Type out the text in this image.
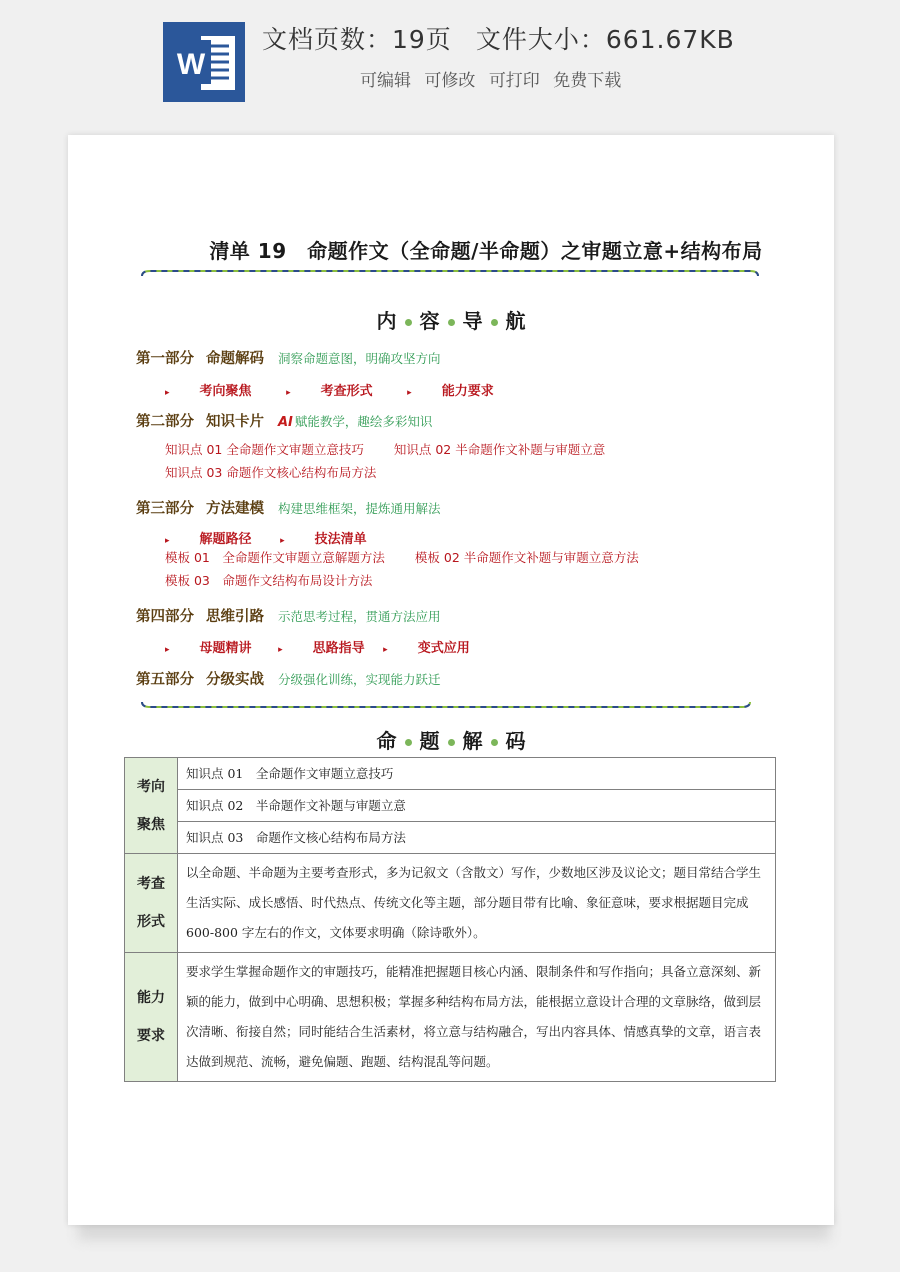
W
文档页数：19页 文件大小：661.67KB
可编辑 可修改 可打印 免费下载
清单 19　命题作文（全命题/半命题）之审题立意+结构布局
内 容 导 航
第一部分 命题解码 洞察命题意图，明确攻坚方向
▸ 考向聚焦	▸ 考查形式	▸ 能力要求
第二部分 知识卡片 AI 赋能教学，趣绘多彩知识
知识点 01 全命题作文审题立意技巧 知识点 02 半命题作文补题与审题立意
知识点 03 命题作文核心结构布局方法
第三部分 方法建模 构建思维框架，提炼通用解法
▸ 解题路径	▸ 技法清单
模板 01　全命题作文审题立意解题方法 模板 02 半命题作文补题与审题立意方法
模板 03　命题作文结构布局设计方法
第四部分 思维引路 示范思考过程，贯通方法应用
▸ 母题精讲	▸ 思路指导 ▸ 变式应用
第五部分 分级实战 分级强化训练，实现能力跃迁
命 题 解 码
考向
聚焦	知识点 01　全命题作文审题立意技巧
	知识点 02　半命题作文补题与审题立意
	知识点 03　命题作文核心结构布局方法
考查
形式	以全命题、半命题为主要考查形式，多为记叙文（含散文）写作，少数地区涉及议论文；题目常结合学生生活实际、成长感悟、时代热点、传统文化等主题，部分题目带有比喻、象征意味，要求根据题目完成 600-800 字左右的作文，文体要求明确（除诗歌外）。
能力
要求	要求学生掌握命题作文的审题技巧，能精准把握题目核心内涵、限制条件和写作指向；具备立意深刻、新颖的能力，做到中心明确、思想积极；掌握多种结构布局方法，能根据立意设计合理的文章脉络，做到层次清晰、衔接自然；同时能结合生活素材，将立意与结构融合，写出内容具体、情感真挚的文章，语言表达做到规范、流畅，避免偏题、跑题、结构混乱等问题。
